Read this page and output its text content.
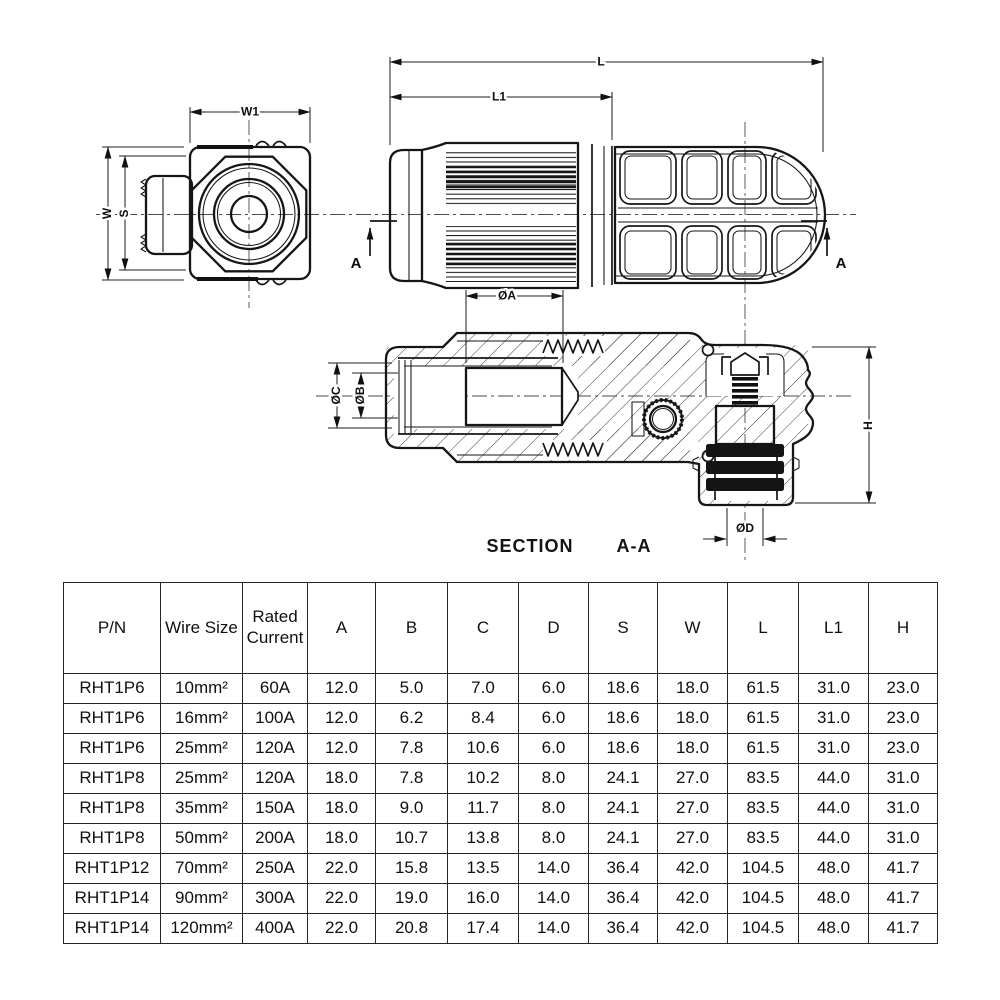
W1
W S
L
L1
A	A
ØA
ØC ØB
H
ØD
SECTION A-A
P/N	Wire Size	Rated Current	A	B	C	D	S	W	L	L1	H
RHT1P6	10mm²	60A	12.0	5.0	7.0	6.0	18.6	18.0	61.5	31.0	23.0
RHT1P6	16mm²	100A	12.0	6.2	8.4	6.0	18.6	18.0	61.5	31.0	23.0
RHT1P6	25mm²	120A	12.0	7.8	10.6	6.0	18.6	18.0	61.5	31.0	23.0
RHT1P8	25mm²	120A	18.0	7.8	10.2	8.0	24.1	27.0	83.5	44.0	31.0
RHT1P8	35mm²	150A	18.0	9.0	11.7	8.0	24.1	27.0	83.5	44.0	31.0
RHT1P8	50mm²	200A	18.0	10.7	13.8	8.0	24.1	27.0	83.5	44.0	31.0
RHT1P12	70mm²	250A	22.0	15.8	13.5	14.0	36.4	42.0	104.5	48.0	41.7
RHT1P14	90mm²	300A	22.0	19.0	16.0	14.0	36.4	42.0	104.5	48.0	41.7
RHT1P14	120mm²	400A	22.0	20.8	17.4	14.0	36.4	42.0	104.5	48.0	41.7
